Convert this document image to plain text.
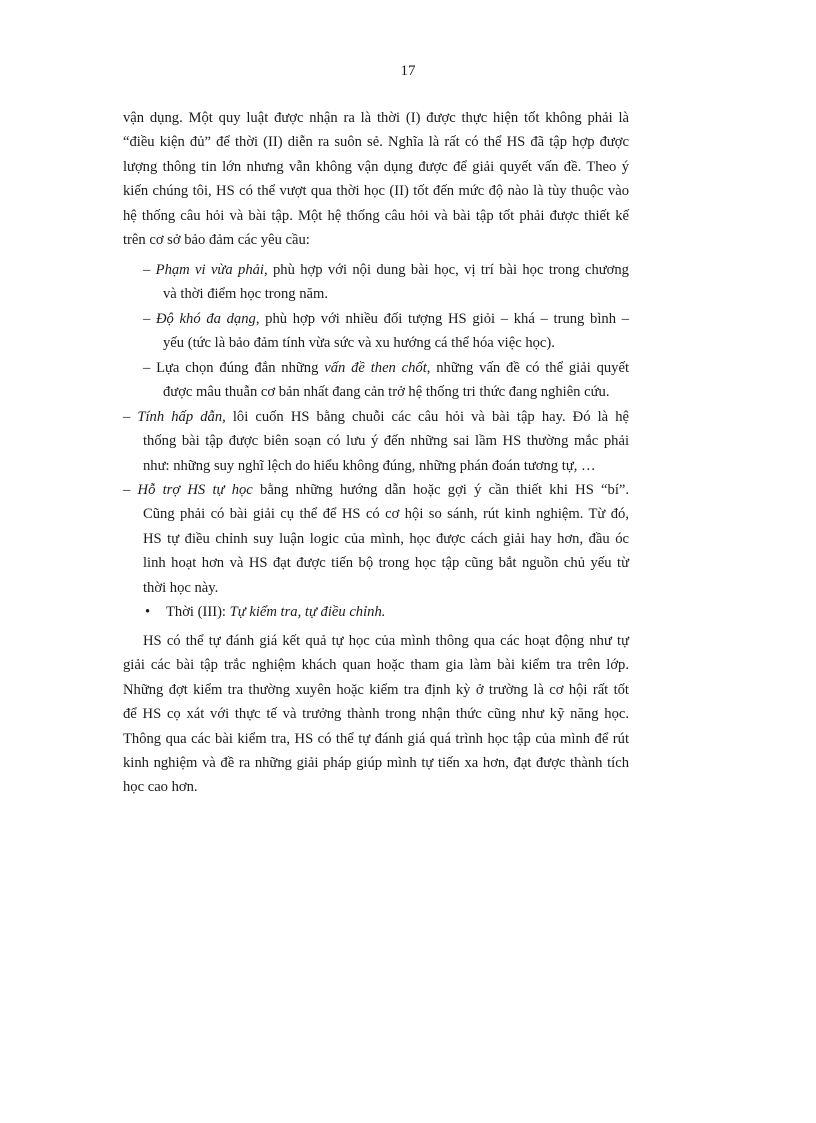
17
vận dụng. Một quy luật được nhận ra là thời (I) được thực hiện tốt không phải là
“điều kiện đủ” để thời (II) diễn ra suôn sẻ. Nghĩa là rất có thể HS đã tập hợp được
lượng thông tin lớn nhưng vẫn không vận dụng được để giải quyết vấn đề. Theo ý
kiến chúng tôi, HS có thể vượt qua thời học (II) tốt đến mức độ nào là tùy thuộc vào
hệ thống câu hỏi và bài tập. Một hệ thống câu hỏi và bài tập tốt phải được thiết kế
trên cơ sở bảo đảm các yêu cầu:
– Phạm vi vừa phải, phù hợp với nội dung bài học, vị trí bài học trong chương
và thời điểm học trong năm.
– Độ khó đa dạng, phù hợp với nhiều đối tượng HS giỏi – khá – trung bình –
yếu (tức là bảo đảm tính vừa sức và xu hướng cá thể hóa việc học).
– Lựa chọn đúng đắn những vấn đề then chốt, những vấn đề có thể giải quyết
được mâu thuẫn cơ bản nhất đang cản trở hệ thống tri thức đang nghiên cứu.
– Tính hấp dẫn, lôi cuốn HS bằng chuỗi các câu hỏi và bài tập hay. Đó là hệ
thống bài tập được biên soạn có lưu ý đến những sai lầm HS thường mắc phải
như: những suy nghĩ lệch do hiểu không đúng, những phán đoán tương tự, …
– Hỗ trợ HS tự học bằng những hướng dẫn hoặc gợi ý cần thiết khi HS “bí”.
Cũng phải có bài giải cụ thể để HS có cơ hội so sánh, rút kinh nghiệm. Từ đó,
HS tự điều chỉnh suy luận logic của mình, học được cách giải hay hơn, đầu óc
linh hoạt hơn và HS đạt được tiến bộ trong học tập cũng bắt nguồn chủ yếu từ
thời học này.
•	Thời (III): Tự kiểm tra, tự điều chỉnh.
HS có thể tự đánh giá kết quả tự học của mình thông qua các hoạt động như tự
giải các bài tập trắc nghiệm khách quan hoặc tham gia làm bài kiểm tra trên lớp.
Những đợt kiểm tra thường xuyên hoặc kiểm tra định kỳ ở trường là cơ hội rất tốt
để HS cọ xát với thực tế và trưởng thành trong nhận thức cũng như kỹ năng học.
Thông qua các bài kiểm tra, HS có thể tự đánh giá quá trình học tập của mình để rút
kinh nghiệm và đề ra những giải pháp giúp mình tự tiến xa hơn, đạt được thành tích
học cao hơn.
